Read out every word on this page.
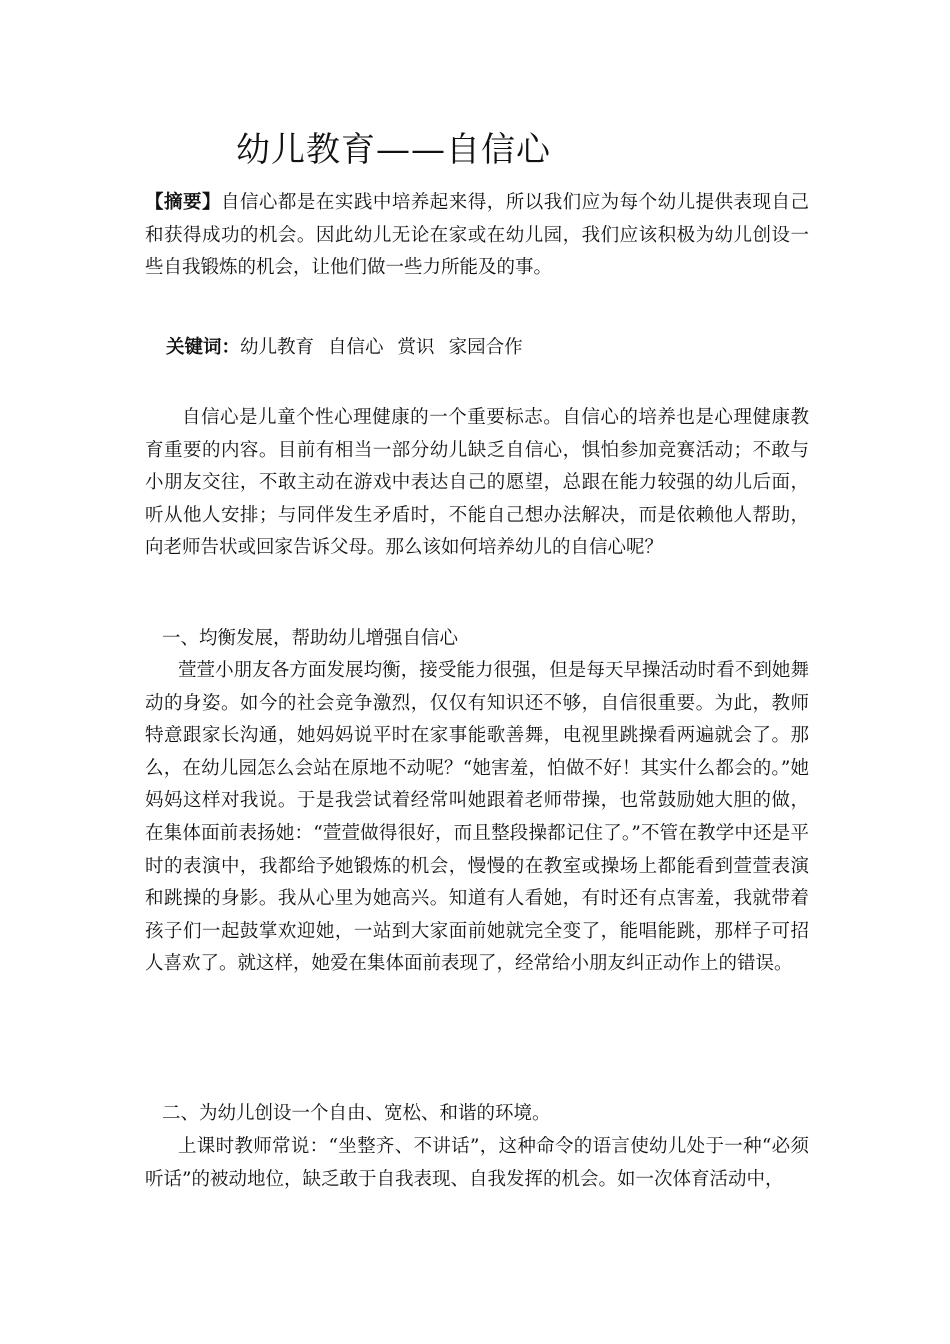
幼儿教育——自信心
【摘要】自信心都是在实践中培养起来得，所以我们应为每个幼儿提供表现自己和获得成功的机会。因此幼儿无论在家或在幼儿园，我们应该积极为幼儿创设一些自我锻炼的机会，让他们做一些力所能及的事。
关键词：幼儿教育 自信心 赏识 家园合作
自信心是儿童个性心理健康的一个重要标志。自信心的培养也是心理健康教育重要的内容。目前有相当一部分幼儿缺乏自信心，惧怕参加竞赛活动；不敢与小朋友交往，不敢主动在游戏中表达自己的愿望，总跟在能力较强的幼儿后面，听从他人安排；与同伴发生矛盾时，不能自己想办法解决，而是依赖他人帮助，向老师告状或回家告诉父母。那么该如何培养幼儿的自信心呢？
一、均衡发展，帮助幼儿增强自信心
萱萱小朋友各方面发展均衡，接受能力很强，但是每天早操活动时看不到她舞动的身姿。如今的社会竞争激烈，仅仅有知识还不够，自信很重要。为此，教师特意跟家长沟通，她妈妈说平时在家事能歌善舞，电视里跳操看两遍就会了。那么，在幼儿园怎么会站在原地不动呢？“她害羞，怕做不好！其实什么都会的。”她妈妈这样对我说。于是我尝试着经常叫她跟着老师带操，也常鼓励她大胆的做，在集体面前表扬她：“萱萱做得很好，而且整段操都记住了。”不管在教学中还是平时的表演中，我都给予她锻炼的机会，慢慢的在教室或操场上都能看到萱萱表演和跳操的身影。我从心里为她高兴。知道有人看她，有时还有点害羞，我就带着孩子们一起鼓掌欢迎她，一站到大家面前她就完全变了，能唱能跳，那样子可招人喜欢了。就这样，她爱在集体面前表现了，经常给小朋友纠正动作上的错误。
二、为幼儿创设一个自由、宽松、和谐的环境。
上课时教师常说：“坐整齐、不讲话”，这种命令的语言使幼儿处于一种“必须听话”的被动地位，缺乏敢于自我表现、自我发挥的机会。如一次体育活动中，
